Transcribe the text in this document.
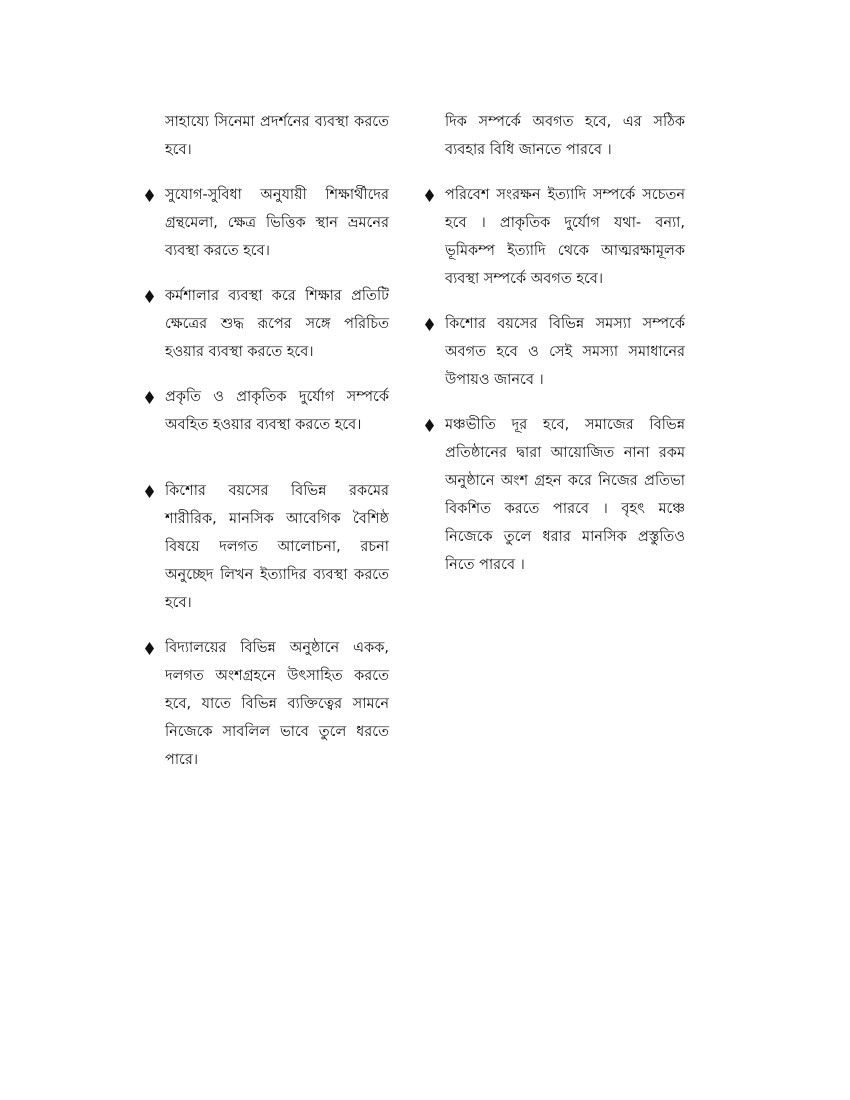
সাহায্যে সিনেমা প্রদর্শনের ব্যবস্থা করতে হবে।

সুযোগ-সুবিধা অনুযায়ী শিক্ষার্থীদের গ্রন্থমেলা, ক্ষেত্র ভিত্তিক স্থান ভ্রমনের ব্যবস্থা করতে হবে।

কর্মশালার ব্যবস্থা করে শিক্ষার প্রতিটি ক্ষেত্রের শুদ্ধ রূপের সঙ্গে পরিচিত হওয়ার ব্যবস্থা করতে হবে।

প্রকৃতি ও প্রাকৃতিক দুর্যোগ সম্পর্কে অবহিত হওয়ার ব্যবস্থা করতে হবে।

কিশোর বয়সের বিভিন্ন রকমের শারীরিক, মানসিক আবেগিক বৈশিষ্ঠ বিষয়ে দলগত আলোচনা, রচনা অনুচ্ছেদ লিখন ইত্যাদির ব্যবস্থা করতে হবে।

বিদ্যালয়ের বিভিন্ন অনুষ্ঠানে একক, দলগত অংশগ্রহনে উৎসাহিত করতে হবে, যাতে বিভিন্ন ব্যক্তিত্বের সামনে নিজেকে সাবলিল ভাবে তুলে ধরতে পারে।

দিক সম্পর্কে অবগত হবে, এর সঠিক ব্যবহার বিধি জানতে পারবে ।

পরিবেশ সংরক্ষন ইত্যাদি সম্পর্কে সচেতন হবে । প্রাকৃতিক দুর্যোগ যথা- বন্যা, ভূমিকম্প ইত্যাদি থেকে আত্মরক্ষামূলক ব্যবস্থা সম্পর্কে অবগত হবে।

কিশোর বয়সের বিভিন্ন সমস্যা সম্পর্কে অবগত হবে ও সেই সমস্যা সমাধানের উপায়ও জানবে ।

মঞ্চভীতি দূর হবে, সমাজের বিভিন্ন প্রতিষ্ঠানের দ্বারা আয়োজিত নানা রকম অনুষ্ঠানে অংশ গ্রহন করে নিজের প্রতিভা বিকশিত করতে পারবে । বৃহৎ মঞ্চে নিজেকে তুলে ধরার মানসিক প্রস্তুতিও নিতে পারবে ।
